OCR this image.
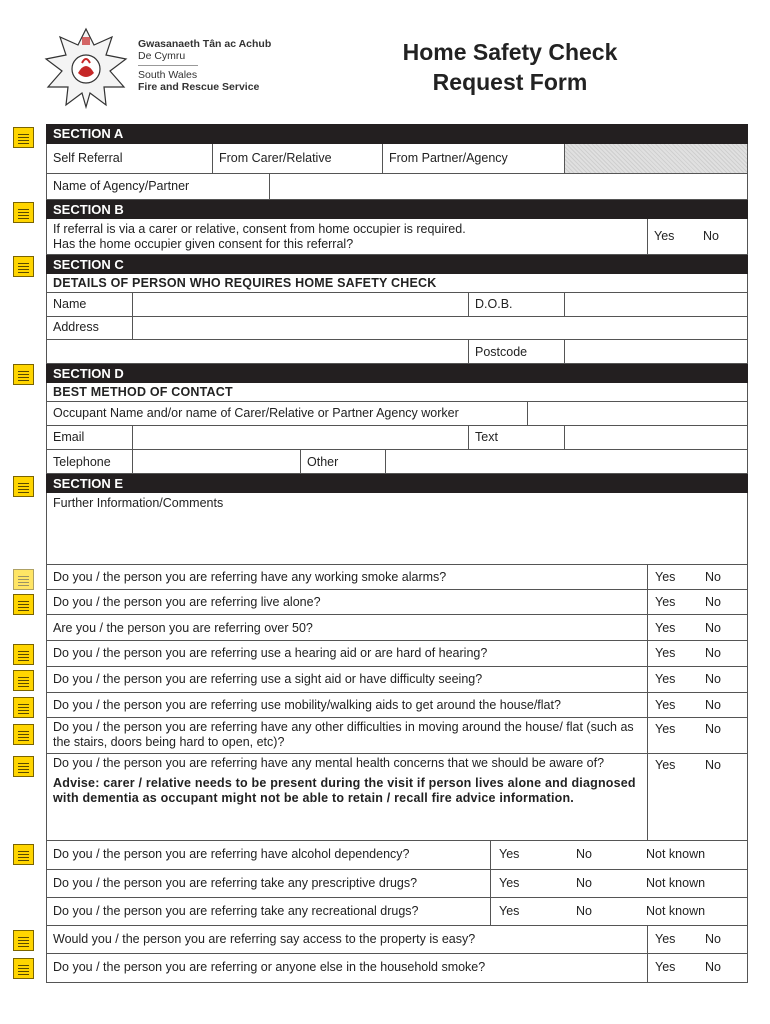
Gwasanaeth Tân ac Achub
De Cymru
South Wales
Fire and Rescue Service
Home Safety Check
Request Form
SECTION A
Self Referral	From Carer/Relative	From Partner/Agency
Name of Agency/Partner
SECTION B
If referral is via a carer or relative, consent from home occupier is required.
Has the home occupier given consent for this referral?
Yes	No
SECTION C
DETAILS OF PERSON WHO REQUIRES HOME SAFETY CHECK
Name	D.O.B.
Address
Postcode
SECTION D
BEST METHOD OF CONTACT
Occupant Name and/or name of Carer/Relative or Partner Agency worker
Email	Text
Telephone	Other
SECTION E
Further Information/Comments
Do you / the person you are referring have any working smoke alarms?	Yes	No
Do you / the person you are referring live alone?	Yes	No
Are you / the person you are referring over 50?	Yes	No
Do you / the person you are referring use a hearing aid or are hard of hearing?	Yes	No
Do you / the person you are referring use a sight aid or have difficulty seeing?	Yes	No
Do you / the person you are referring use mobility/walking aids to get around the house/flat?	Yes	No
Do you / the person you are referring have any other difficulties in moving around the house/ flat (such as the stairs, doors being hard to open, etc)?
Yes	No
Do you / the person you are referring have any mental health concerns that we should be aware of?
Advise: carer / relative needs to be present during the visit if person lives alone and diagnosed with dementia as occupant might not be able to retain / recall fire advice information.
Yes	No
Do you / the person you are referring have alcohol dependency?	Yes	No	Not known
Do you / the person you are referring take any prescriptive drugs?	Yes	No	Not known
Do you / the person you are referring take any recreational drugs?	Yes	No	Not known
Would you / the person you are referring say access to the property is easy?	Yes	No
Do you / the person you are referring or anyone else in the household smoke?	Yes	No
